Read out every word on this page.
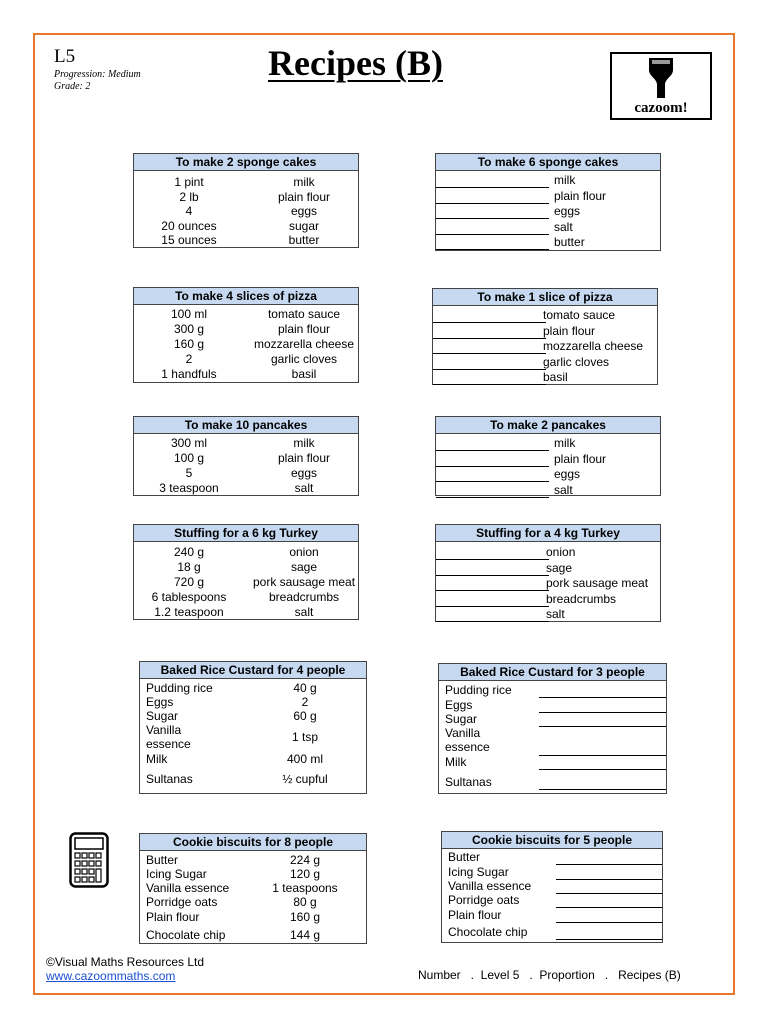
L5
Progression: Medium
Grade: 2
Recipes (B)
cazoom!
To make 2 sponge cakes
1 pint	milk
2 lb	plain flour
4	eggs
20 ounces	sugar
15 ounces	butter
To make 6 sponge cakes
milk
plain flour
eggs
salt
butter
To make 4 slices of pizza
100 ml	tomato sauce
300 g	plain flour
160 g	mozzarella cheese
2	garlic cloves
1 handfuls	basil
To make 1 slice of pizza
tomato sauce
plain flour
mozzarella cheese
garlic cloves
basil
To make 10 pancakes
300 ml	milk
100 g	plain flour
5	eggs
3 teaspoon	salt
To make 2 pancakes
milk
plain flour
eggs
salt
Stuffing for a 6 kg Turkey
240 g	onion
18 g	sage
720 g	pork sausage meat
6 tablespoons	breadcrumbs
1.2 teaspoon	salt
Stuffing for a 4 kg Turkey
onion
sage
pork sausage meat
breadcrumbs
salt
Baked Rice Custard for 4 people
Pudding rice	40 g
Eggs	2
Sugar	60 g
Vanilla
essence	1 tsp
Milk	400 ml
Sultanas	½ cupful
Baked Rice Custard for 3 people
Pudding rice
Eggs
Sugar
Vanilla
essence
Milk
Sultanas
Cookie biscuits for 8 people
Butter	224 g
Icing Sugar	120 g
Vanilla essence	1 teaspoons
Porridge oats	80 g
Plain flour	160 g
Chocolate chip	144 g
Cookie biscuits for 5 people
Butter
Icing Sugar
Vanilla essence
Porridge oats
Plain flour
Chocolate chip
©Visual Maths Resources Ltd
www.cazoommaths.com	Number   .  Level 5   .  Proportion   .   Recipes (B)
